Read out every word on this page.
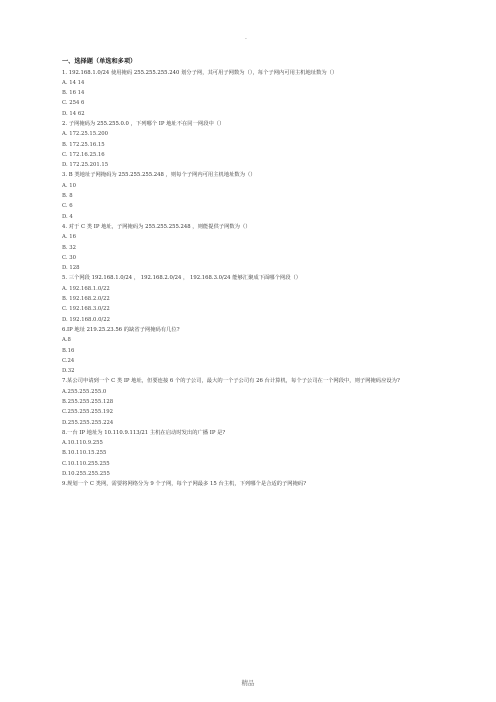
.
一、选择题（单选和多项）
1. 192.168.1.0/24 使用掩码 255.255.255.240 划分子网，其可用子网数为（），每个子网内可用主机地址数为（）
A. 14 14
B. 16 14
C. 254 6
D. 14 62
2. 子网掩码为 255.255.0.0 ，下列哪个 IP 地址不在同一网段中（）
A. 172.25.15.200
B. 172.25.16.15
C. 172.16.25.16
D. 172.25.201.15
3. B 类地址子网掩码为 255.255.255.248 ，则每个子网内可用主机地址数为（）
A. 10
B. 8
C. 6
D. 4
4. 对于 C 类 IP 地址，子网掩码为 255.255.255.248 ，则能提供子网数为（）
A. 16
B. 32
C. 30
D. 128
5. 三个网段 192.168.1.0/24 ， 192.168.2.0/24 ， 192.168.3.0/24 能够汇聚成下面哪个网段（）
A. 192.168.1.0/22
B. 192.168.2.0/22
C. 192.168.3.0/22
D. 192.168.0.0/22
6.IP 地址 219.25.23.56 的缺省子网掩码有几位?
A.8
B.16
C.24
D.32
7.某公司申请到一个 C 类 IP 地址，但要连接 6 个的子公司，最大的一个子公司有 26 台计算机，每个子公司在一个网段中，则子网掩码应设为?
A.255.255.255.0
B.255.255.255.128
C.255.255.255.192
D.255.255.255.224
8.一台 IP 地址为 10.110.9.113/21 主机在启动时发出的广播 IP 是?
A.10.110.9.255
B.10.110.15.255
C.10.110.255.255
D.10.255.255.255
9.规划一个 C 类网，需要将网络分为 9 个子网，每个子网最多 15 台主机，下列哪个是合适的子网掩码?
精品
